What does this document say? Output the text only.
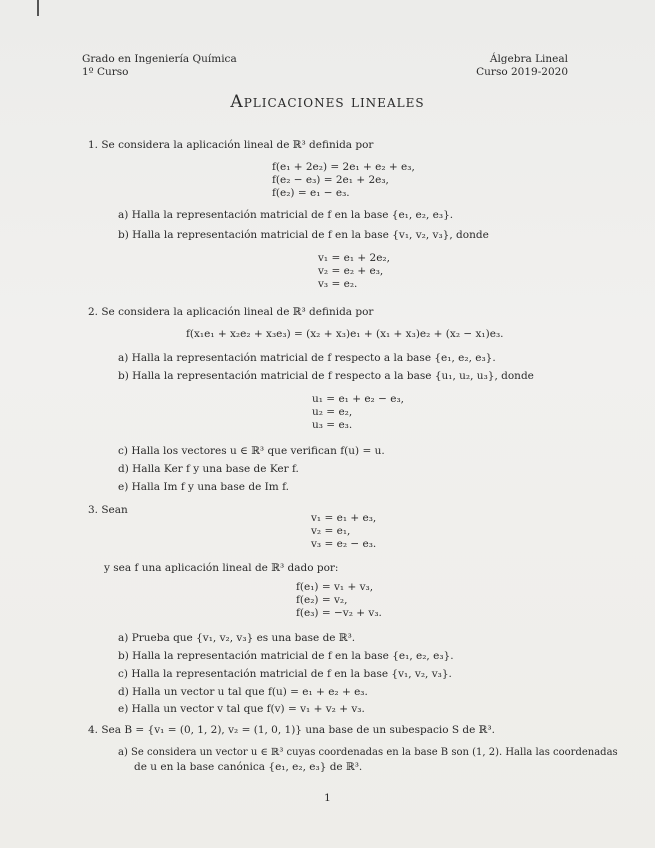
Grado en Ingeniería Química
1º Curso
Álgebra Lineal
Curso 2019-2020
Aplicaciones lineales
1. Se considera la aplicación lineal de ℝ³ definida por
f(e₁ + 2e₂) = 2e₁ + e₂ + e₃,
f(e₂ − e₃) = 2e₁ + 2e₃,
f(e₂) = e₁ − e₃.
a) Halla la representación matricial de f en la base {e₁, e₂, e₃}.
b) Halla la representación matricial de f en la base {v₁, v₂, v₃}, donde
v₁ = e₁ + 2e₂,
v₂ = e₂ + e₃,
v₃ = e₂.
2. Se considera la aplicación lineal de ℝ³ definida por
f(x₁e₁ + x₂e₂ + x₃e₃) = (x₂ + x₃)e₁ + (x₁ + x₃)e₂ + (x₂ − x₁)e₃.
a) Halla la representación matricial de f respecto a la base {e₁, e₂, e₃}.
b) Halla la representación matricial de f respecto a la base {u₁, u₂, u₃}, donde
u₁ = e₁ + e₂ − e₃,
u₂ = e₂,
u₃ = e₃.
c) Halla los vectores u ∈ ℝ³ que verifican f(u) = u.
d) Halla Ker f y una base de Ker f.
e) Halla Im f y una base de Im f.
3. Sean
v₁ = e₁ + e₃,
v₂ = e₁,
v₃ = e₂ − e₃.
y sea f una aplicación lineal de ℝ³ dado por:
f(e₁) = v₁ + v₃,
f(e₂) = v₂,
f(e₃) = −v₂ + v₃.
a) Prueba que {v₁, v₂, v₃} es una base de ℝ³.
b) Halla la representación matricial de f en la base {e₁, e₂, e₃}.
c) Halla la representación matricial de f en la base {v₁, v₂, v₃}.
d) Halla un vector u tal que f(u) = e₁ + e₂ + e₃.
e) Halla un vector v tal que f(v) = v₁ + v₂ + v₃.
4. Sea B = {v₁ = (0, 1, 2), v₂ = (1, 0, 1)} una base de un subespacio S de ℝ³.
a) Se considera un vector u ∈ ℝ³ cuyas coordenadas en la base B son (1, 2). Halla las coordenadas
de u en la base canónica {e₁, e₂, e₃} de ℝ³.
1
